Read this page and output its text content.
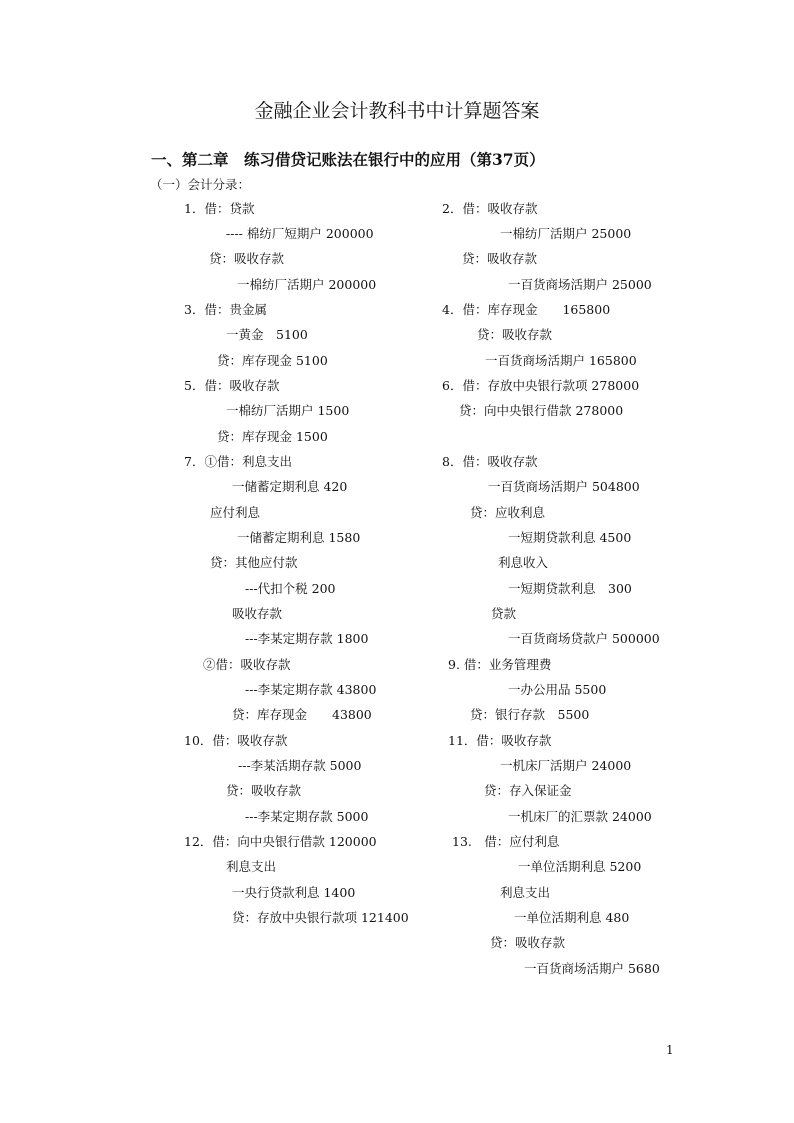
金融企业会计教科书中计算题答案
一、第二章　练习借贷记账法在银行中的应用（第37页）
（一）会计分录：
1．借：贷款
---- 棉纺厂短期户 200000
贷：吸收存款
一棉纺厂活期户 200000
3．借：贵金属
一黄金　5100
贷：库存现金 5100
5．借：吸收存款
一棉纺厂活期户 1500
贷：库存现金 1500
7．①借：利息支出
一储蓄定期利息 420
应付利息
一储蓄定期利息 1580
贷：其他应付款
---代扣个税 200
吸收存款
---李某定期存款 1800
②借：吸收存款
---李某定期存款 43800
贷：库存现金　　43800
10．借：吸收存款
---李某活期存款 5000
贷：吸收存款
---李某定期存款 5000
12．借：向中央银行借款 120000
利息支出
一央行贷款利息 1400
贷：存放中央银行款项 121400
2．借：吸收存款
一棉纺厂活期户 25000
贷：吸收存款
一百货商场活期户 25000
4．借：库存现金　　165800
贷：吸收存款
一百货商场活期户 165800
6．借：存放中央银行款项 278000
贷：向中央银行借款 278000
8．借：吸收存款
一百货商场活期户 504800
贷：应收利息
一短期贷款利息 4500
利息收入
一短期贷款利息　300
贷款
一百货商场贷款户 500000
9. 借：业务管理费
一办公用品 5500
贷：银行存款　5500
11．借：吸收存款
一机床厂活期户 24000
贷：存入保证金
一机床厂的汇票款 24000
13.　借：应付利息
一单位活期利息 5200
利息支出
一单位活期利息 480
贷：吸收存款
一百货商场活期户 5680
1
